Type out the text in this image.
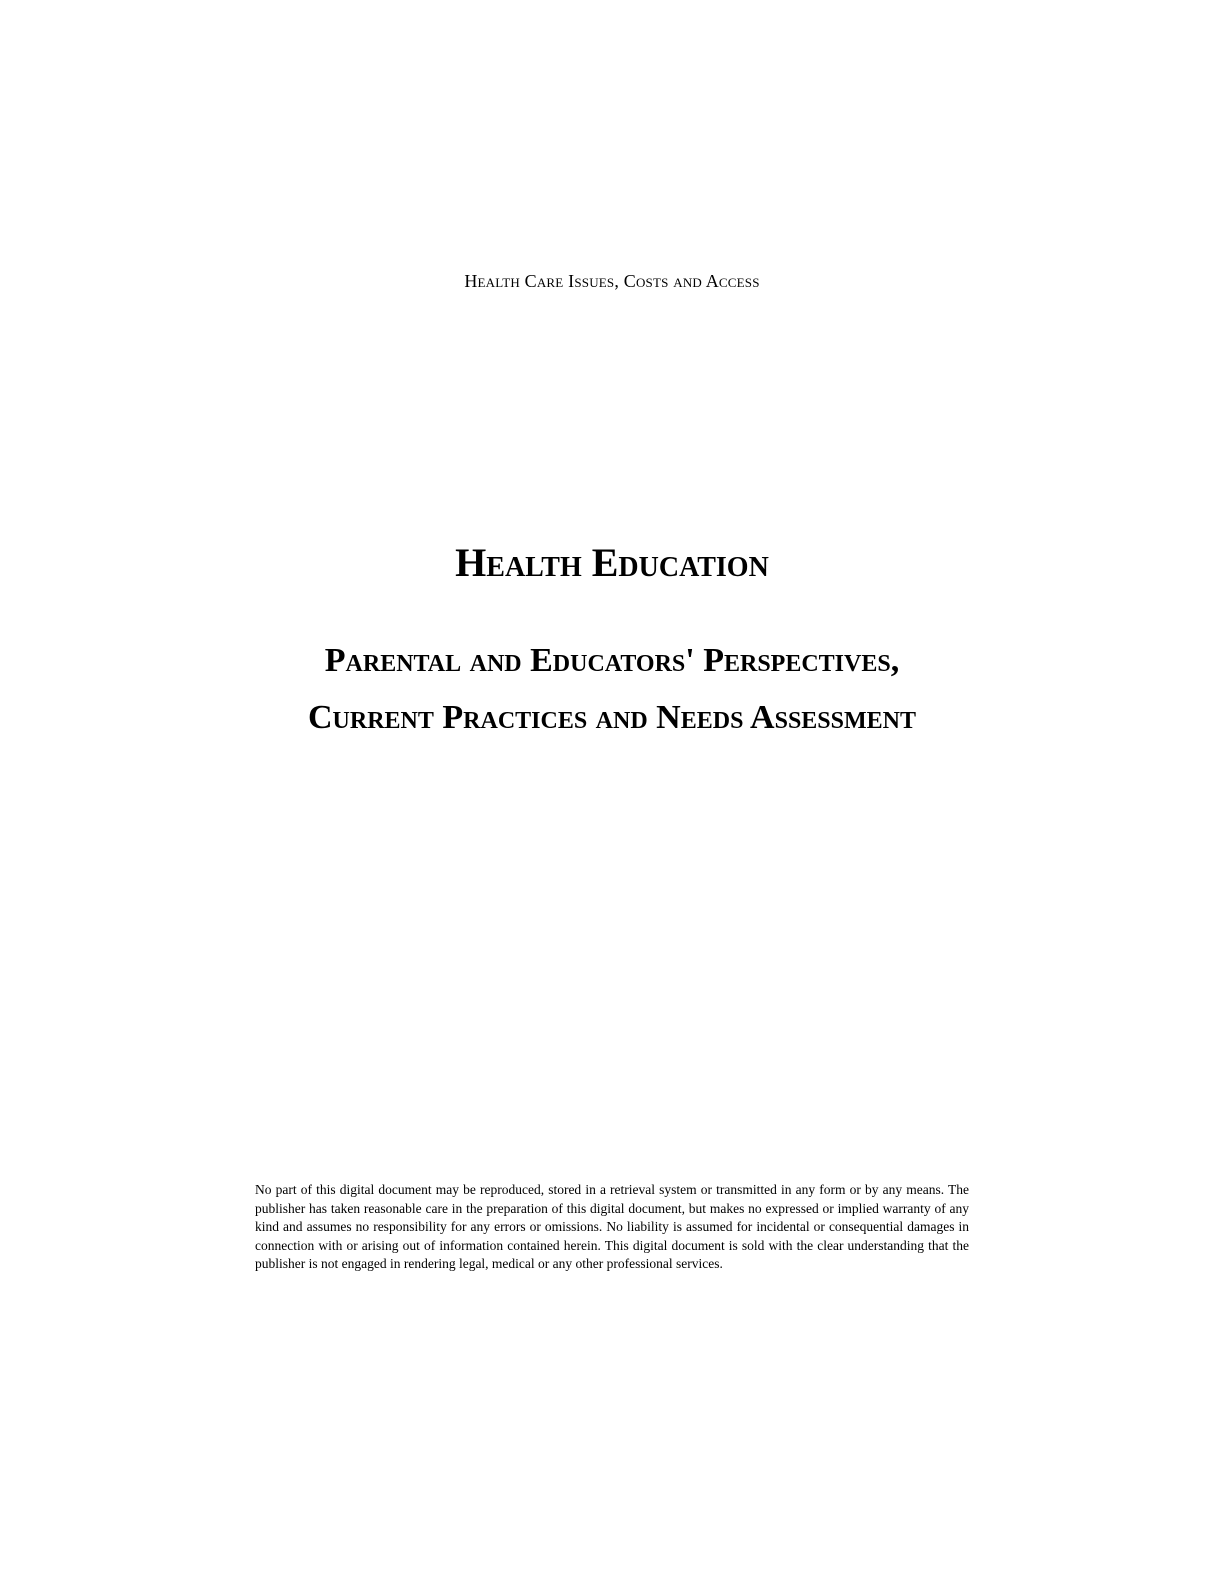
Health Care Issues, Costs and Access
Health Education
Parental and Educators' Perspectives, Current Practices and Needs Assessment
No part of this digital document may be reproduced, stored in a retrieval system or transmitted in any form or by any means. The publisher has taken reasonable care in the preparation of this digital document, but makes no expressed or implied warranty of any kind and assumes no responsibility for any errors or omissions. No liability is assumed for incidental or consequential damages in connection with or arising out of information contained herein. This digital document is sold with the clear understanding that the publisher is not engaged in rendering legal, medical or any other professional services.
